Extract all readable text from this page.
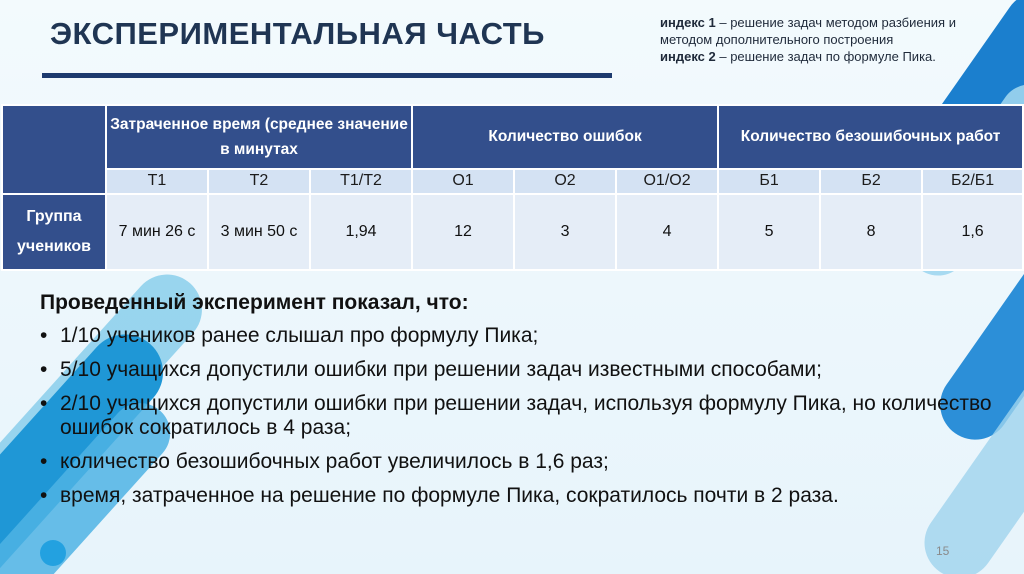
ЭКСПЕРИМЕНТАЛЬНАЯ ЧАСТЬ	индекс 1 – решение задач методом разбиения и методом дополнительного построения
индекс 2 – решение задач по формуле Пика.
	Затраченное время (среднее значение в минутах			Количество ошибок			Количество безошибочных работ		
	Т1	Т2	Т1/Т2	О1	О2	О1/О2	Б1	Б2	Б2/Б1
Группа учеников	7 мин 26 с	3 мин 50 с	1,94	12	3	4	5	8	1,6
Проведенный эксперимент показал, что:
• 1/10 учеников ранее слышал про формулу Пика;
• 5/10 учащихся допустили ошибки при решении задач известными способами;
• 2/10 учащихся допустили ошибки при решении задач, используя формулу Пика, но количество ошибок сократилось в 4 раза;
• количество безошибочных работ увеличилось в 1,6 раз;
• время, затраченное на решение по формуле Пика, сократилось почти в 2 раза.
15
